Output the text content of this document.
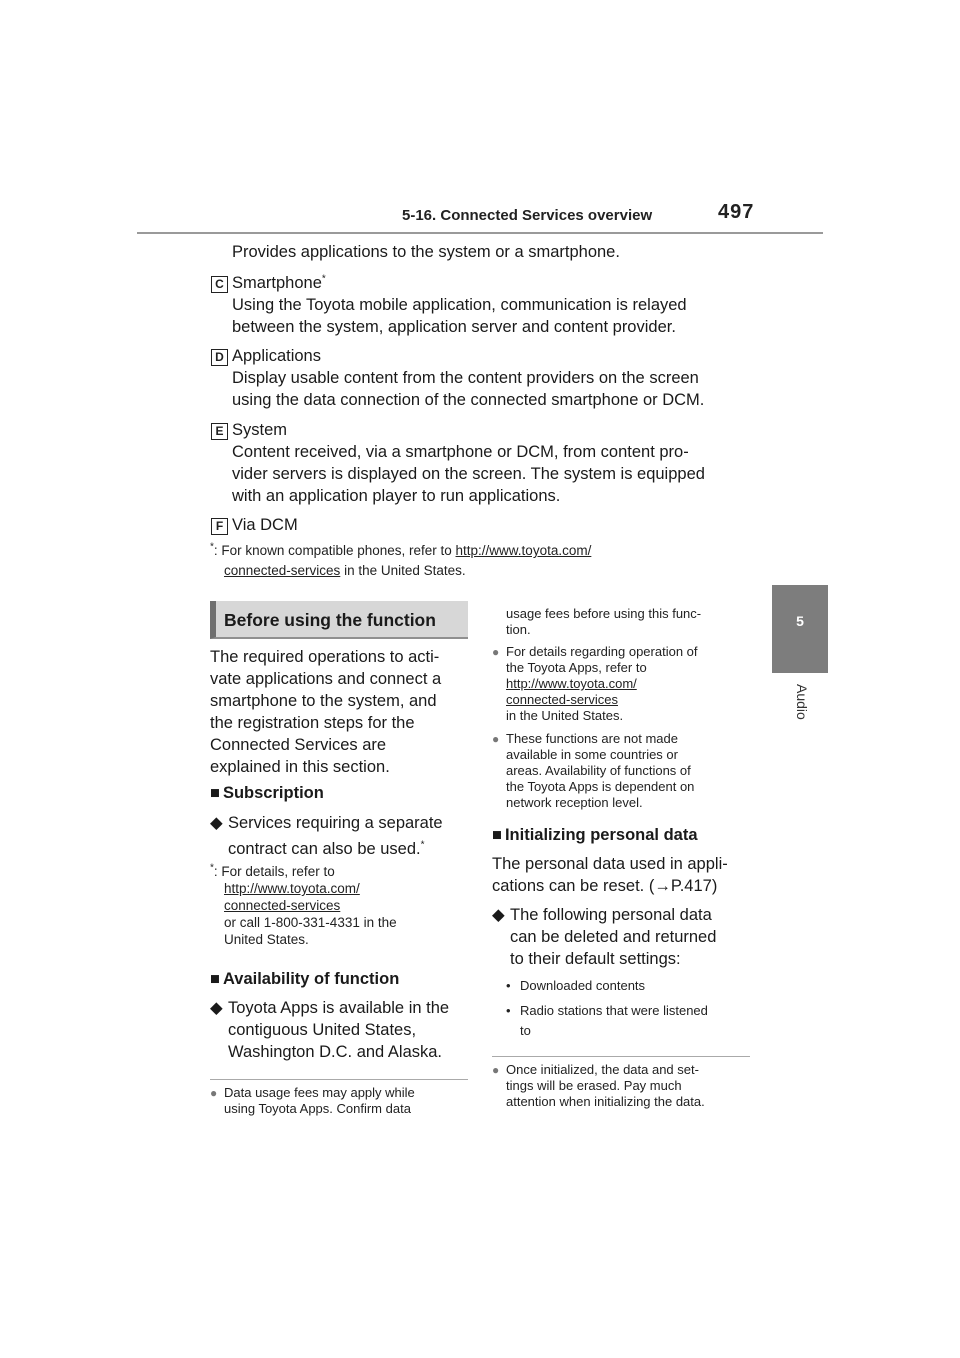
5-16. Connected Services overview	497
5
Audio
Provides applications to the system or a smartphone.
C Smartphone*
Using the Toyota mobile application, communication is relayed
between the system, application server and content provider.
D Applications
Display usable content from the content providers on the screen
using the data connection of the connected smartphone or DCM.
E System
Content received, via a smartphone or DCM, from content pro-
vider servers is displayed on the screen. The system is equipped
with an application player to run applications.
F Via DCM
*: For known compatible phones, refer to http://www.toyota.com/
connected-services in the United States.
Before using the function
The required operations to acti-
vate applications and connect a
smartphone to the system, and
the registration steps for the
Connected Services are
explained in this section.
■ Subscription
◆ Services requiring a separate
contract can also be used.*
*: For details, refer to
http://www.toyota.com/
connected-services
or call 1-800-331-4331 in the
United States.
■ Availability of function
◆ Toyota Apps is available in the
contiguous United States,
Washington D.C. and Alaska.
● Data usage fees may apply while
using Toyota Apps. Confirm data
usage fees before using this func-
tion.
● For details regarding operation of
the Toyota Apps, refer to
http://www.toyota.com/
connected-services
in the United States.
● These functions are not made
available in some countries or
areas. Availability of functions of
the Toyota Apps is dependent on
network reception level.
■ Initializing personal data
The personal data used in appli-
cations can be reset. (→P.417)
◆ The following personal data
can be deleted and returned
to their default settings:
• Downloaded contents
• Radio stations that were listened
to
● Once initialized, the data and set-
tings will be erased. Pay much
attention when initializing the data.
